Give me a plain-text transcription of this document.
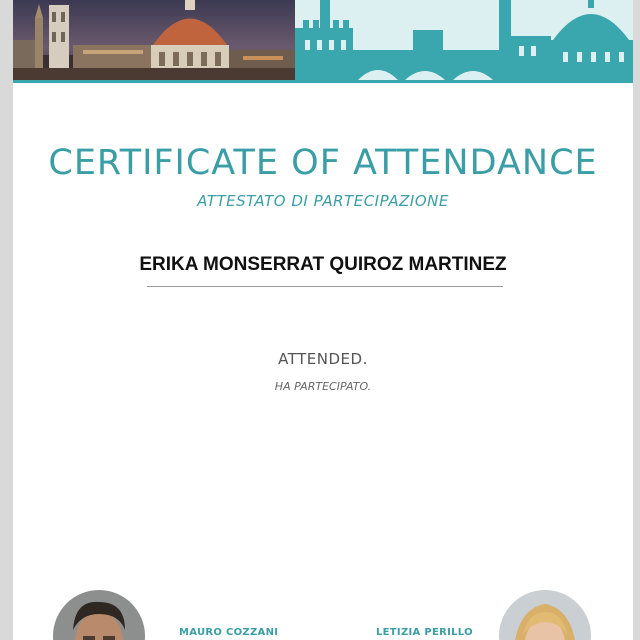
CERTIFICATE OF ATTENDANCE
ATTESTATO DI PARTECIPAZIONE
ERIKA MONSERRAT QUIROZ MARTINEZ
ATTENDED.
HA PARTECIPATO.
MAURO COZZANI	LETIZIA PERILLO
